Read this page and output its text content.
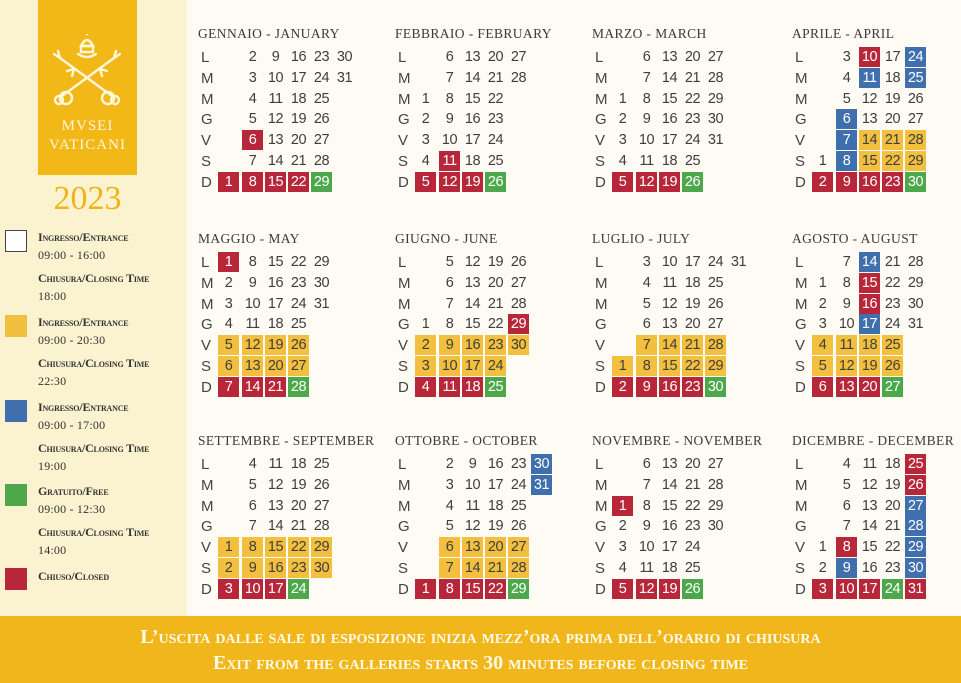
MVSEI
VATICANI
2023
Ingresso/Entrance
09:00 - 16:00
Chiusura/Closing Time
18:00
Ingresso/Entrance
09:00 - 20:30
Chiusura/Closing Time
22:30
Ingresso/Entrance
09:00 - 17:00
Chiusura/Closing Time
19:00
Gratuito/Free
09:00 - 12:30
Chiusura/Closing Time
14:00
Chiuso/Closed
GENNAIO - JANUARY
L	2	9 16 23 30
M	3 10 17 24 31
M	4 11 18 25
G	5 12 19 26
V	6 13 20 27
S	7 14 21 28
D 1	8 15 22 29
FEBBRAIO - FEBRUARY
L	6 13 20 27
M	7 14 21 28
M 1	8 15 22
G 2	9 16 23
V 3 10 17 24
S 4 11 18 25
D 5 12 19 26
MARZO - MARCH
L	6 13 20 27
M	7 14 21 28
M 1	8 15 22 29
G 2	9 16 23 30
V 3 10 17 24 31
S 4 11 18 25
D 5 12 19 26
APRILE - APRIL
L	3 10 17 24
M	4 11 18 25
M	5 12 19 26
G	6 13 20 27
V	7 14 21 28
S 1	8 15 22 29
D 2	9 16 23 30
MAGGIO - MAY
L	1	8 15 22 29
M 2	9 16 23 30
M 3 10 17 24 31
G 4 11 18 25
V 5 12 19 26
S 6 13 20 27
D 7 14 21 28
GIUGNO - JUNE
L	5 12 19 26
M	6 13 20 27
M	7 14 21 28
G 1	8 15 22 29
V 2	9 16 23 30
S 3 10 17 24
D 4 11 18 25
LUGLIO - JULY
L	3 10 17 24 31
M	4 11 18 25
M	5 12 19 26
G	6 13 20 27
V	7 14 21 28
S 1	8 15 22 29
D 2	9 16 23 30
AGOSTO - AUGUST
L	7 14 21 28
M 1	8 15 22 29
M 2	9 16 23 30
G 3 10 17 24 31
V 4 11 18 25
S 5 12 19 26
D 6 13 20 27
SETTEMBRE - SEPTEMBER
L	4 11 18 25
M	5 12 19 26
M	6 13 20 27
G	7 14 21 28
V 1	8 15 22 29
S 2	9 16 23 30
D 3 10 17 24
OTTOBRE - OCTOBER
L	2	9 16 23 30
M	3 10 17 24 31
M	4 11 18 25
G	5 12 19 26
V	6 13 20 27
S	7 14 21 28
D 1	8 15 22 29
NOVEMBRE - NOVEMBER
L	6 13 20 27
M	7 14 21 28
M 1	8 15 22 29
G 2	9 16 23 30
V 3 10 17 24
S 4 11 18 25
D 5 12 19 26
DICEMBRE - DECEMBER
L	4 11 18 25
M	5 12 19 26
M	6 13 20 27
G	7 14 21 28
V 1	8 15 22 29
S 2	9 16 23 30
D 3 10 17 24 31
L’uscita dalle sale di esposizione inizia mezz’ora prima dell’orario di chiusura
Exit from the galleries starts 30 minutes before closing time
